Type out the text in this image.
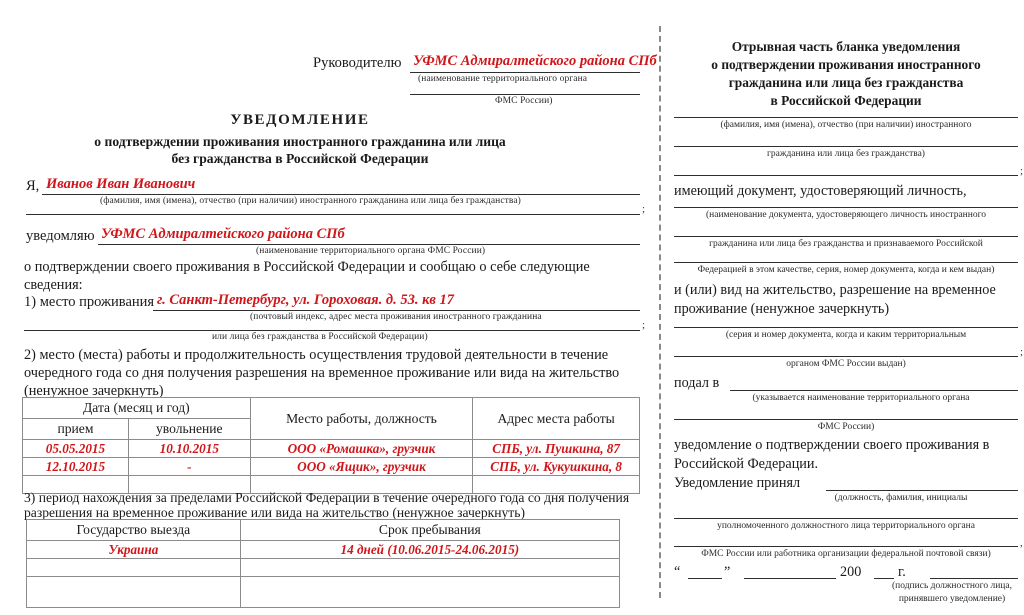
Руководителю УФМС Адмиралтейского района СПб
(наименование территориального органа
ФМС России)
УВЕДОМЛЕНИЕ
о подтверждении проживания иностранного гражданина или лица
без гражданства в Российской Федерации
Я, Иванов Иван Иванович
(фамилия, имя (имена), отчество (при наличии) иностранного гражданина или лица без гражданства)
;
уведомляю УФМС Адмиралтейского района СПб
(наименование территориального органа ФМС России)
о подтверждении своего проживания в Российской Федерации и сообщаю о себе следующие
сведения:
1) место проживания г. Санкт-Петербург, ул. Гороховая. д. 53. кв 17
(почтовый индекс, адрес места проживания иностранного гражданина
;
или лица без гражданства в Российской Федерации)
2) место (места) работы и продолжительность осуществления трудовой деятельности в течение
очередного года со дня получения разрешения на временное проживание или вида на жительство
(ненужное зачеркнуть)
Дата (месяц и год)		Место работы, должность	Адрес места работы
прием	увольнение		
05.05.2015	10.10.2015	ООО «Ромашка», грузчик	СПБ, ул. Пушкина, 87
12.10.2015	-	ООО «Ящик», грузчик	СПБ, ул. Кукушкина, 8

3) период нахождения за пределами Российской Федерации в течение очередного года со дня получения
разрешения на временное проживание или вида на жительство (ненужное зачеркнуть)
Государство выезда	Срок пребывания
Украина	14 дней (10.06.2015-24.06.2015)

Отрывная часть бланка уведомления
о подтверждении проживания иностранного
гражданина или лица без гражданства
в Российской Федерации
(фамилия, имя (имена), отчество (при наличии) иностранного
гражданина или лица без гражданства)
;
имеющий документ, удостоверяющий личность,
(наименование документа, удостоверяющего личность иностранного
гражданина или лица без гражданства и признаваемого Российской
Федерацией в этом качестве, серия, номер документа, когда и кем выдан)
и (или) вид на жительство, разрешение на временное
проживание (ненужное зачеркнуть)
(серия и номер документа, когда и каким территориальным
;
органом ФМС России выдан)
подал в
(указывается наименование территориального органа
ФМС России)
уведомление о подтверждении своего проживания в
Российской Федерации.
Уведомление принял
(должность, фамилия, инициалы
уполномоченного должностного лица территориального органа
,
ФМС России или работника организации федеральной почтовой связи)
“	”	200	г.
(подпись должностного лица,
принявшего уведомление)
